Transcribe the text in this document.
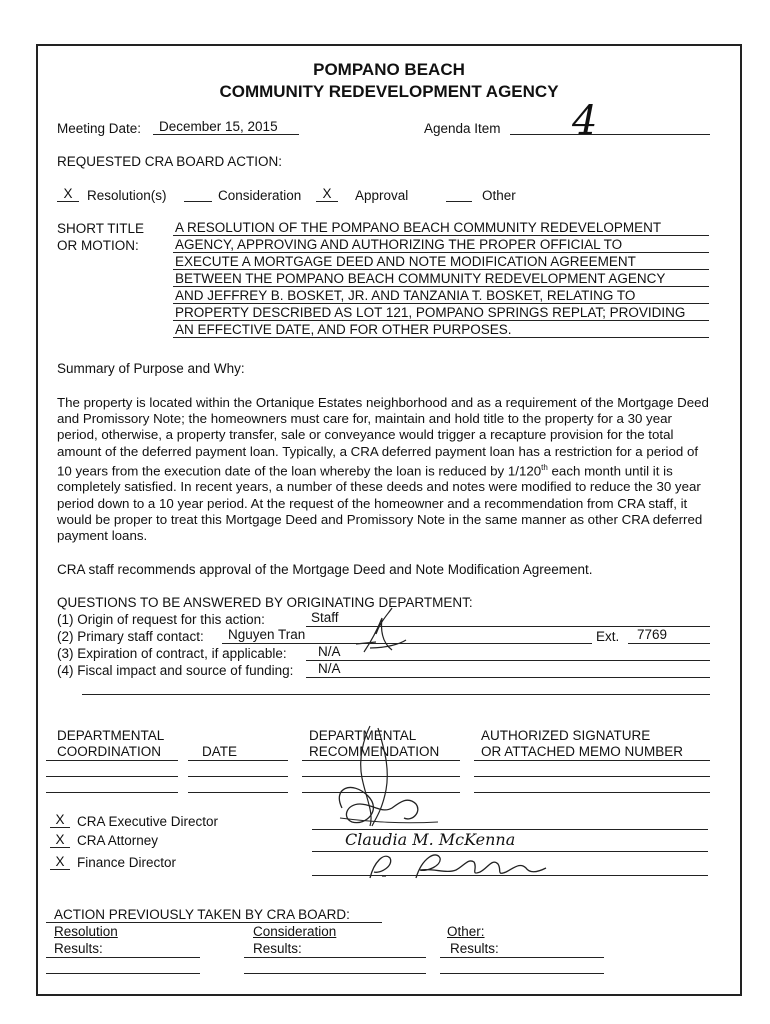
POMPANO BEACH
COMMUNITY REDEVELOPMENT AGENCY
Meeting Date:	December 15, 2015	Agenda Item 4
REQUESTED CRA BOARD ACTION:
X	Resolution(s)	Consideration	X	Approval	Other
SHORT TITLE
OR MOTION:
A RESOLUTION OF THE POMPANO BEACH COMMUNITY REDEVELOPMENT
AGENCY, APPROVING AND AUTHORIZING THE PROPER OFFICIAL TO
EXECUTE A MORTGAGE DEED AND NOTE MODIFICATION AGREEMENT
BETWEEN THE POMPANO BEACH COMMUNITY REDEVELOPMENT AGENCY
AND JEFFREY B. BOSKET, JR. AND TANZANIA T. BOSKET, RELATING TO
PROPERTY DESCRIBED AS LOT 121, POMPANO SPRINGS REPLAT; PROVIDING
AN EFFECTIVE DATE, AND FOR OTHER PURPOSES.
Summary of Purpose and Why:
The property is located within the Ortanique Estates neighborhood and as a requirement of the Mortgage Deed and Promissory Note; the homeowners must care for, maintain and hold title to the property for a 30 year period, otherwise, a property transfer, sale or conveyance would trigger a recapture provision for the total amount of the deferred payment loan. Typically, a CRA deferred payment loan has a restriction for a period of 10 years from the execution date of the loan whereby the loan is reduced by 1/120th each month until it is completely satisfied. In recent years, a number of these deeds and notes were modified to reduce the 30 year period down to a 10 year period. At the request of the homeowner and a recommendation from CRA staff, it would be proper to treat this Mortgage Deed and Promissory Note in the same manner as other CRA deferred payment loans.
CRA staff recommends approval of the Mortgage Deed and Note Modification Agreement.
QUESTIONS TO BE ANSWERED BY ORIGINATING DEPARTMENT:
(1) Origin of request for this action:	Staff
(2) Primary staff contact: Nguyen Tran	Ext. 7769
(3) Expiration of contract, if applicable: N/A
(4) Fiscal impact and source of funding: N/A
DEPARTMENTAL
COORDINATION	DATE
DEPARTMENTAL
RECOMMENDATION
AUTHORIZED SIGNATURE
OR ATTACHED MEMO NUMBER
X CRA Executive Director
X CRA Attorney
X Finance Director
Claudia M. McKenna
ACTION PREVIOUSLY TAKEN BY CRA BOARD:
Resolution	Consideration	Other:
Results:	Results:	Results:
